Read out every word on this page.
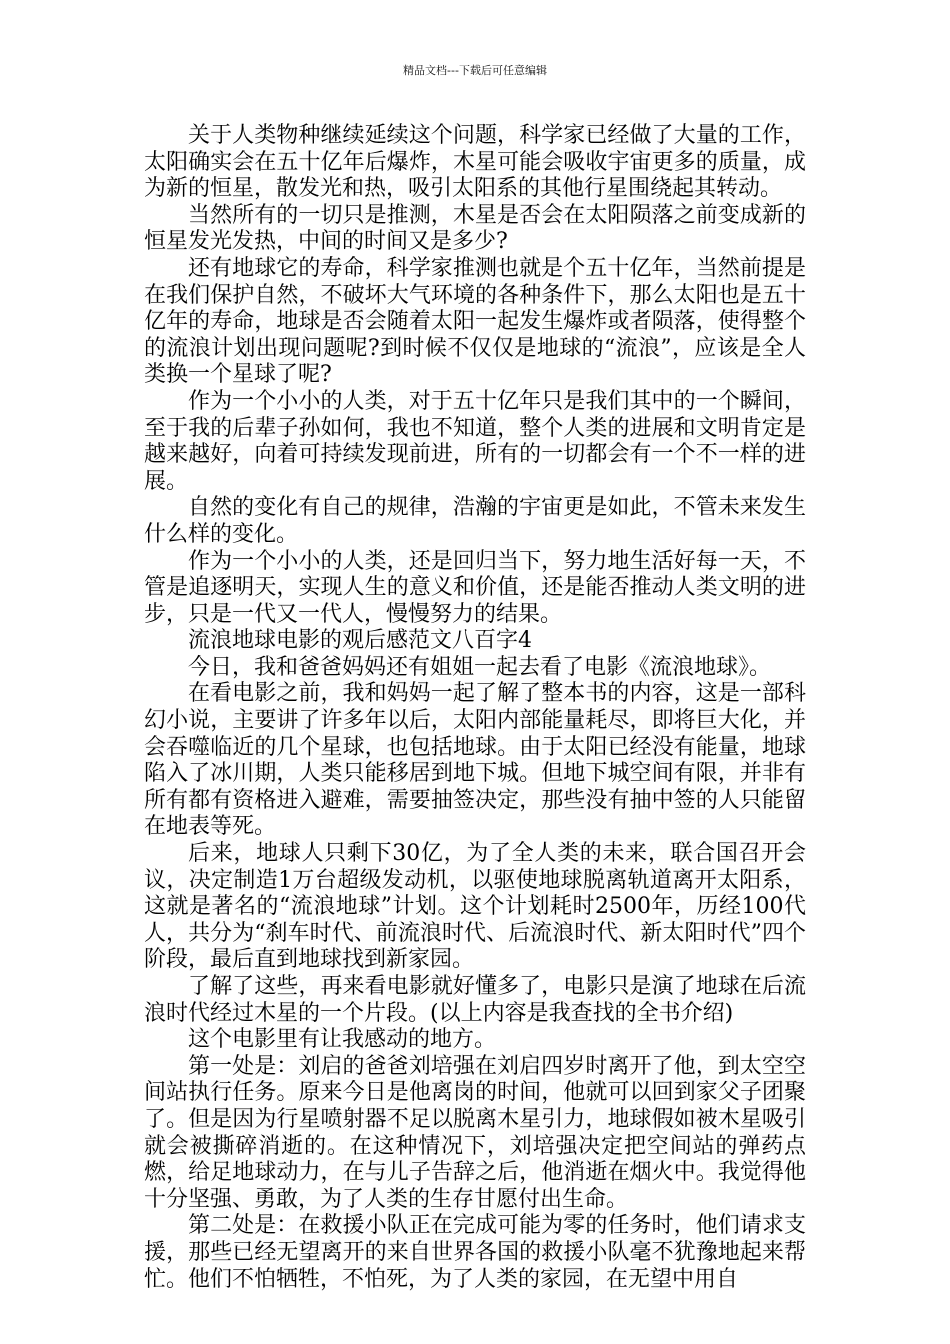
精品文档---下载后可任意编辑

关于人类物种继续延续这个问题，科学家已经做了大量的工作，太阳确实会在五十亿年后爆炸，木星可能会吸收宇宙更多的质量，成为新的恒星，散发光和热，吸引太阳系的其他行星围绕起其转动。

当然所有的一切只是推测，木星是否会在太阳陨落之前变成新的恒星发光发热，中间的时间又是多少?

还有地球它的寿命，科学家推测也就是个五十亿年，当然前提是在我们保护自然，不破坏大气环境的各种条件下，那么太阳也是五十亿年的寿命，地球是否会随着太阳一起发生爆炸或者陨落，使得整个的流浪计划出现问题呢?到时候不仅仅是地球的“流浪”，应该是全人类换一个星球了呢?

作为一个小小的人类，对于五十亿年只是我们其中的一个瞬间，至于我的后辈子孙如何，我也不知道，整个人类的进展和文明肯定是越来越好，向着可持续发现前进，所有的一切都会有一个不一样的进展。

自然的变化有自己的规律，浩瀚的宇宙更是如此，不管未来发生什么样的变化。

作为一个小小的人类，还是回归当下，努力地生活好每一天，不管是追逐明天，实现人生的意义和价值，还是能否推动人类文明的进步，只是一代又一代人，慢慢努力的结果。

流浪地球电影的观后感范文八百字4

今日，我和爸爸妈妈还有姐姐一起去看了电影《流浪地球》。

在看电影之前，我和妈妈一起了解了整本书的内容，这是一部科幻小说，主要讲了许多年以后，太阳内部能量耗尽，即将巨大化，并会吞噬临近的几个星球，也包括地球。由于太阳已经没有能量，地球陷入了冰川期，人类只能移居到地下城。但地下城空间有限，并非有所有都有资格进入避难，需要抽签决定，那些没有抽中签的人只能留在地表等死。

后来，地球人只剩下30亿，为了全人类的未来，联合国召开会议，决定制造1万台超级发动机，以驱使地球脱离轨道离开太阳系，这就是著名的“流浪地球”计划。这个计划耗时2500年，历经100代人，共分为“刹车时代、前流浪时代、后流浪时代、新太阳时代”四个阶段，最后直到地球找到新家园。

了解了这些，再来看电影就好懂多了，电影只是演了地球在后流浪时代经过木星的一个片段。(以上内容是我查找的全书介绍)

这个电影里有让我感动的地方。

第一处是：刘启的爸爸刘培强在刘启四岁时离开了他，到太空空间站执行任务。原来今日是他离岗的时间，他就可以回到家父子团聚了。但是因为行星喷射器不足以脱离木星引力，地球假如被木星吸引就会被撕碎消逝的。在这种情况下，刘培强决定把空间站的弹药点燃，给足地球动力，在与儿子告辞之后，他消逝在烟火中。我觉得他十分坚强、勇敢，为了人类的生存甘愿付出生命。

第二处是：在救援小队正在完成可能为零的任务时，他们请求支援，那些已经无望离开的来自世界各国的救援小队毫不犹豫地起来帮忙。他们不怕牺牲，不怕死，为了人类的家园，在无望中用自
